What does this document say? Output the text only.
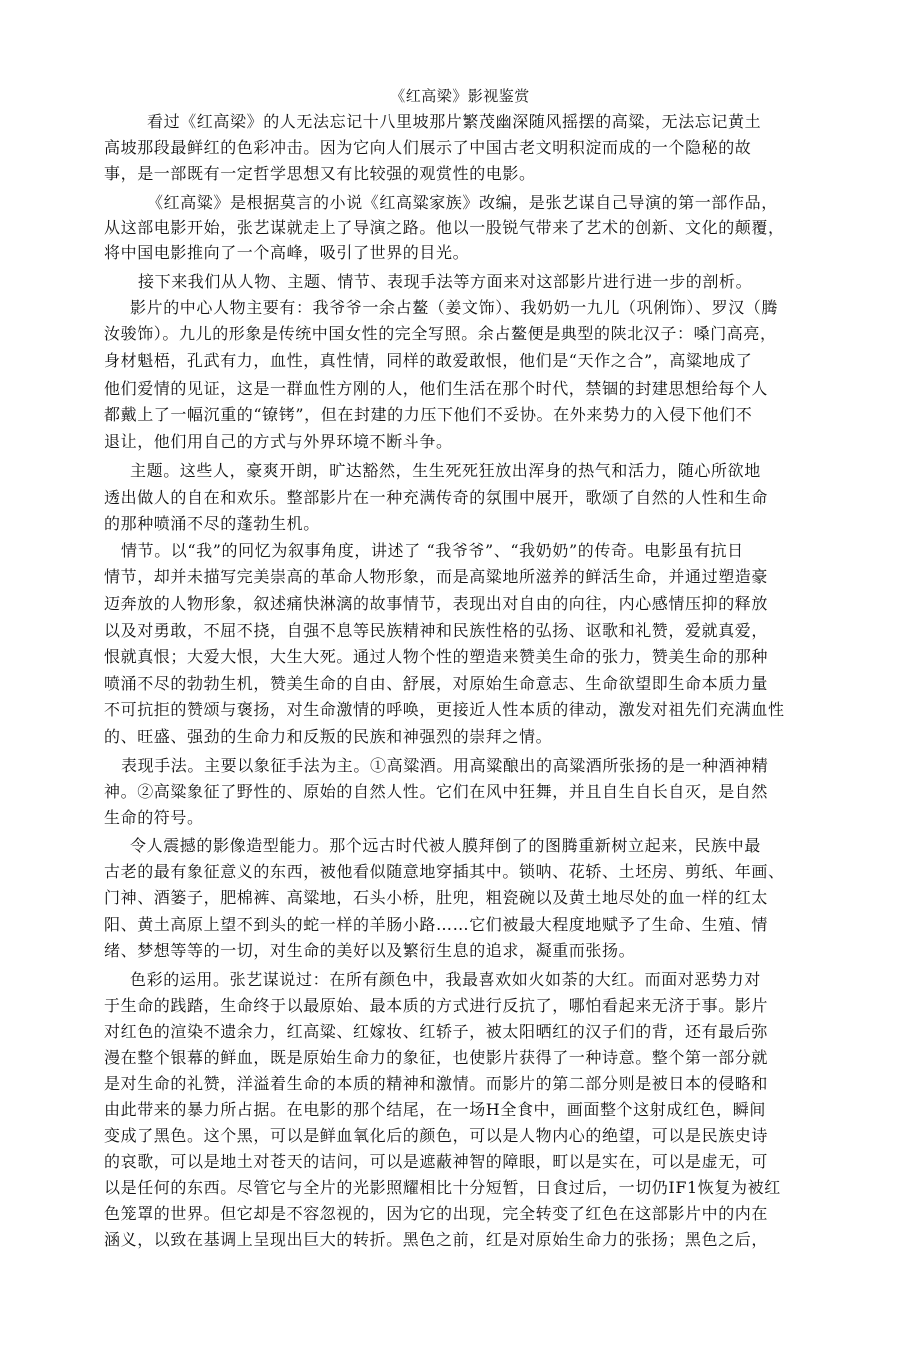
《红高梁》影视鉴赏
看过《红高梁》的人无法忘记十八里坡那片繁茂幽深随风摇摆的高粱，无法忘记黄土
高坡那段最鲜红的色彩冲击。因为它向人们展示了中国古老文明积淀而成的一个隐秘的故
事，是一部既有一定哲学思想又有比较强的观赏性的电影。
《红高粱》是根据莫言的小说《红高粱家族》改编，是张艺谋自己导演的第一部作品，
从这部电影开始，张艺谋就走上了导演之路。他以一股锐气带来了艺术的创新、文化的颠覆，
将中国电影推向了一个高峰，吸引了世界的目光。
接下来我们从人物、主题、情节、表现手法等方面来对这部影片进行进一步的剖析。
影片的中心人物主要有：我爷爷一余占鳌（姜文饰）、我奶奶一九儿（巩俐饰）、罗汉（腾
汝骏饰）。九儿的形象是传统中国女性的完全写照。余占鳌便是典型的陕北汉子：嗓门高亮，
身材魁梧，孔武有力，血性，真性情，同样的敢爱敢恨，他们是“天作之合”，高粱地成了
他们爱情的见证，这是一群血性方刚的人，他们生活在那个时代，禁锢的封建思想给每个人
都戴上了一幅沉重的“镣铐”，但在封建的力压下他们不妥协。在外来势力的入侵下他们不
退让，他们用自己的方式与外界环境不断斗争。
主题。这些人，豪爽开朗，旷达豁然，生生死死狂放出浑身的热气和活力，随心所欲地
透出做人的自在和欢乐。整部影片在一种充满传奇的氛围中展开，歌颂了自然的人性和生命
的那种喷涌不尽的蓬勃生机。
情节。以“我”的冋忆为叙事角度，讲述了 “我爷爷”、“我奶奶”的传奇。电影虽有抗日
情节，却并未描写完美崇高的革命人物形象，而是高粱地所滋养的鲜活生命，并通过塑造豪
迈奔放的人物形象，叙述痛快淋漓的故事情节，表现出对自由的向往，内心感情压抑的释放
以及对勇敢，不屈不挠，自强不息等民族精神和民族性格的弘扬、讴歌和礼赞，爱就真爱，
恨就真恨；大爱大恨，大生大死。通过人物个性的塑造来赞美生命的张力，赞美生命的那种
喷涌不尽的勃勃生机，赞美生命的自由、舒展，对原始生命意志、生命欲望即生命本质力量
不可抗拒的赞颂与褒扬，对生命激情的呼唤，更接近人性本质的律动，激发对祖先们充满血性
的、旺盛、强劲的生命力和反叛的民族和神强烈的崇拜之情。
表现手法。主要以象征手法为主。①高粱酒。用高粱酿出的高粱酒所张扬的是一种酒神精
神。②高粱象征了野性的、原始的自然人性。它们在风中狂舞，并且自生自长自灭，是自然
生命的符号。
令人震撼的影像造型能力。那个远古时代被人膜拜倒了的图腾重新树立起来，民族中最
古老的最有象征意义的东西，被他看似随意地穿插其中。锁呐、花轿、土坯房、剪纸、年画、
门神、酒篓子，肥棉裤、高粱地，石头小桥，肚兜，粗瓷碗以及黄土地尽处的血一样的红太
阳、黄土高原上望不到头的蛇一样的羊肠小路……它们被最大程度地赋予了生命、生殖、情
绪、梦想等等的一切，对生命的美好以及繁衍生息的追求，凝重而张扬。
色彩的运用。张艺谋说过：在所有颜色中，我最喜欢如火如荼的大红。而面对恶势力对
于生命的践踏，生命终于以最原始、最本质的方式进行反抗了，哪怕看起来无济于事。影片
对红色的渲染不遗余力，红高粱、红嫁妆、红轿子，被太阳晒红的汉子们的背，还有最后弥
漫在整个银幕的鲜血，既是原始生命力的象征，也使影片获得了一种诗意。整个第一部分就
是对生命的礼赞，洋溢着生命的本质的精神和激情。而影片的第二部分则是被日本的侵略和
由此带来的暴力所占据。在电影的那个结尾，在一场H全食中，画面整个这射成红色，瞬间
变成了黑色。这个黑，可以是鲜血氧化后的颜色，可以是人物内心的绝望，可以是民族史诗
的哀歌，可以是地土对苍天的诘问，可以是遮蔽神智的障眼，町以是实在，可以是虚无，可
以是任何的东西。尽管它与全片的光影照耀相比十分短暂，日食过后，一切仍IF1恢复为被红
色笼罩的世界。但它却是不容忽视的，因为它的出现，完全转变了红色在这部影片中的内在
涵义，以致在基调上呈现出巨大的转折。黑色之前，红是对原始生命力的张扬；黑色之后，
